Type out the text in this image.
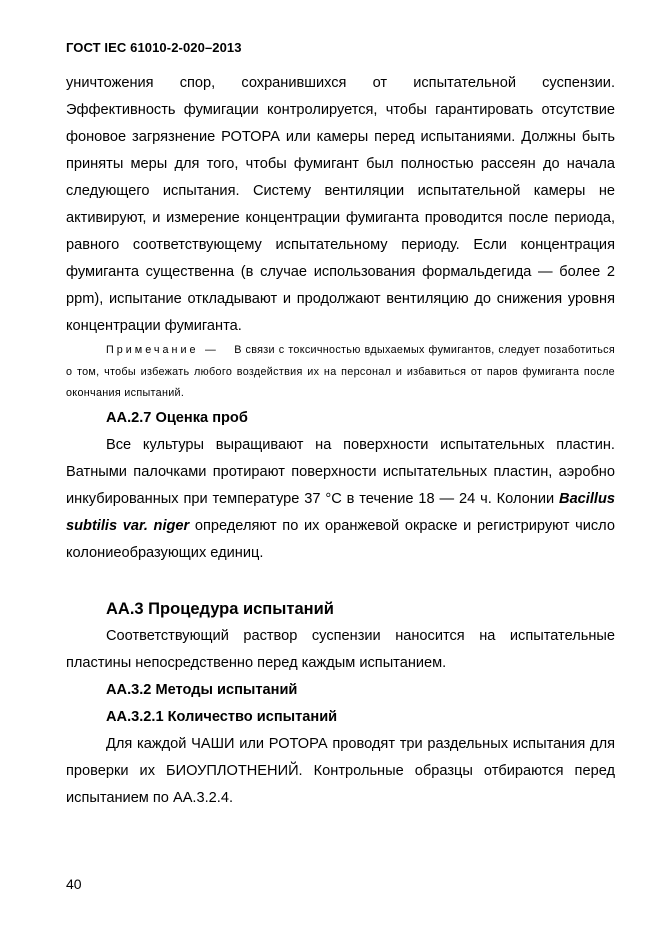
ГОСТ IEC 61010-2-020–2013

уничтожения спор, сохранившихся от испытательной суспензии. Эффективность фумигации контролируется, чтобы гарантировать отсутствие фоновое загрязнение РОТОРА или камеры перед испытаниями. Должны быть приняты меры для того, чтобы фумигант был полностью рассеян до начала следующего испытания. Систему вентиляции испытательной камеры не активируют, и измерение концентрации фумиганта проводится после периода, равного соответствующему испытательному периоду. Если концентрация фумиганта существенна (в случае использования формальдегида — более 2 ppm), испытание откладывают и продолжают вентиляцию до снижения уровня концентрации фумиганта.

Примечание — В связи с токсичностью вдыхаемых фумигантов, следует позаботиться о том, чтобы избежать любого воздействия их на персонал и избавиться от паров фумиганта после окончания испытаний.

АА.2.7 Оценка проб

Все культуры выращивают на поверхности испытательных пластин. Ватными палочками протирают поверхности испытательных пластин, аэробно инкубированных при температуре 37 °С в течение 18 — 24 ч. Колонии Bacillus subtilis var. niger определяют по их оранжевой окраске и регистрируют число колониеобразующих единиц.

АА.3 Процедура испытаний

Соответствующий раствор суспензии наносится на испытательные пластины непосредственно перед каждым испытанием.

АА.3.2 Методы испытаний

АА.3.2.1 Количество испытаний

Для каждой ЧАШИ или РОТОРА проводят три раздельных испытания для проверки их БИОУПЛОТНЕНИЙ. Контрольные образцы отбираются перед испытанием по АА.3.2.4.

40
